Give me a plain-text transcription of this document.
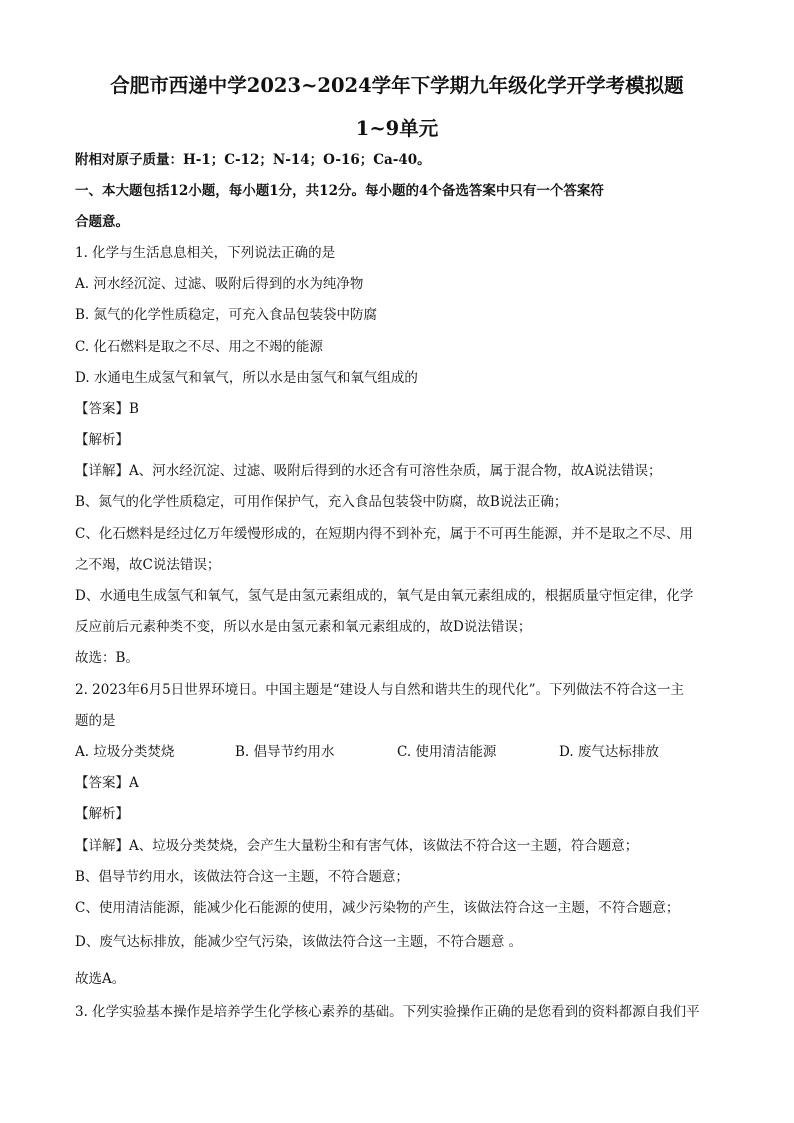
合肥市西递中学2023~2024学年下学期九年级化学开学考模拟题
1~9单元
附相对原子质量：H-1；C-12；N-14；O-16；Ca-40。
一、本大题包括12小题，每小题1分，共12分。每小题的4个备选答案中只有一个答案符
合题意。
1. 化学与生活息息相关，下列说法正确的是
A. 河水经沉淀、过滤、吸附后得到的水为纯净物
B. 氮气的化学性质稳定，可充入食品包装袋中防腐
C. 化石燃料是取之不尽、用之不竭的能源
D. 水通电生成氢气和氧气，所以水是由氢气和氧气组成的
【答案】B
【解析】
【详解】A、河水经沉淀、过滤、吸附后得到的水还含有可溶性杂质，属于混合物，故A说法错误；
B、氮气的化学性质稳定，可用作保护气，充入食品包装袋中防腐，故B说法正确；
C、化石燃料是经过亿万年缓慢形成的，在短期内得不到补充，属于不可再生能源，并不是取之不尽、用
之不竭，故C说法错误；
D、水通电生成氢气和氧气，氢气是由氢元素组成的，氧气是由氧元素组成的，根据质量守恒定律，化学
反应前后元素种类不变，所以水是由氢元素和氧元素组成的，故D说法错误；
故选：B。
2. 2023年6月5日世界环境日。中国主题是“建设人与自然和谐共生的现代化”。下列做法不符合这一主
题的是
A. 垃圾分类焚烧	B. 倡导节约用水	C. 使用清洁能源	D. 废气达标排放
【答案】A
【解析】
【详解】A、垃圾分类焚烧，会产生大量粉尘和有害气体，该做法不符合这一主题，符合题意；
B、倡导节约用水，该做法符合这一主题，不符合题意；
C、使用清洁能源，能减少化石能源的使用，减少污染物的产生，该做法符合这一主题，不符合题意；
D、废气达标排放，能减少空气污染，该做法符合这一主题，不符合题意 。
故选A。
3. 化学实验基本操作是培养学生化学核心素养的基础。下列实验操作正确的是您看到的资料都源自我们平
